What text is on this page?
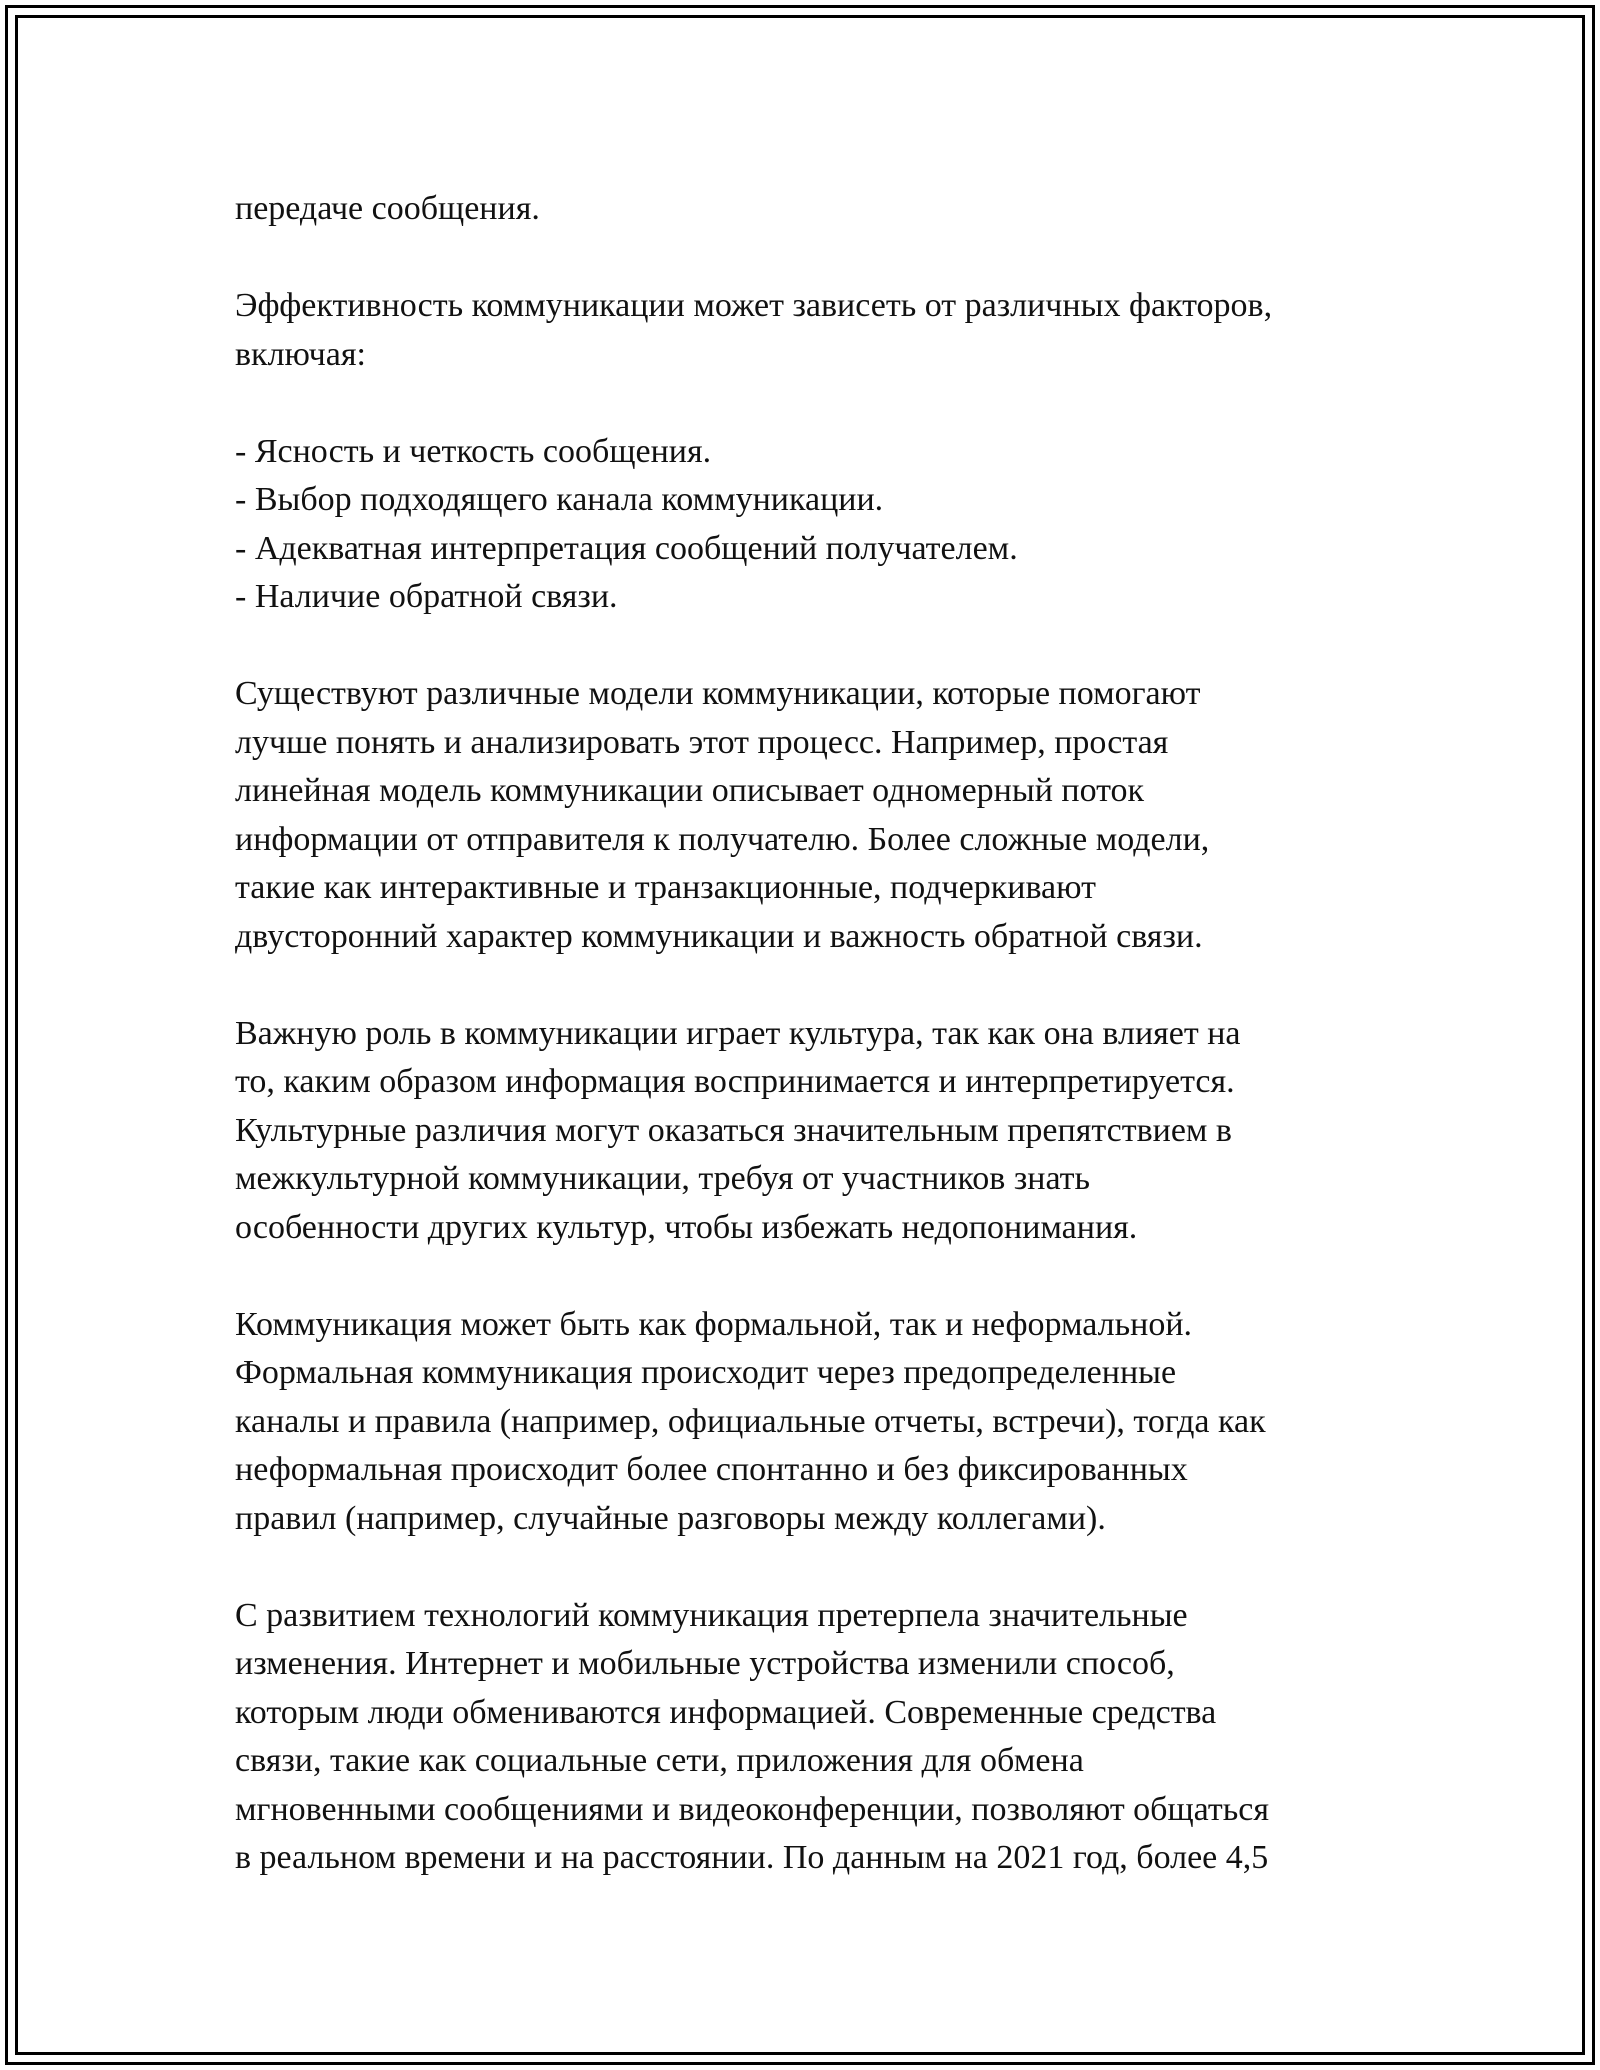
передаче сообщения.

Эффективность коммуникации может зависеть от различных факторов,
включая:

- Ясность и четкость сообщения.
- Выбор подходящего канала коммуникации.
- Адекватная интерпретация сообщений получателем.
- Наличие обратной связи.

Существуют различные модели коммуникации, которые помогают
лучше понять и анализировать этот процесс. Например, простая
линейная модель коммуникации описывает одномерный поток
информации от отправителя к получателю. Более сложные модели,
такие как интерактивные и транзакционные, подчеркивают
двусторонний характер коммуникации и важность обратной связи.

Важную роль в коммуникации играет культура, так как она влияет на
то, каким образом информация воспринимается и интерпретируется.
Культурные различия могут оказаться значительным препятствием в
межкультурной коммуникации, требуя от участников знать
особенности других культур, чтобы избежать недопонимания.

Коммуникация может быть как формальной, так и неформальной.
Формальная коммуникация происходит через предопределенные
каналы и правила (например, официальные отчеты, встречи), тогда как
неформальная происходит более спонтанно и без фиксированных
правил (например, случайные разговоры между коллегами).

С развитием технологий коммуникация претерпела значительные
изменения. Интернет и мобильные устройства изменили способ,
которым люди обмениваются информацией. Современные средства
связи, такие как социальные сети, приложения для обмена
мгновенными сообщениями и видеоконференции, позволяют общаться
в реальном времени и на расстоянии. По данным на 2021 год, более 4,5
